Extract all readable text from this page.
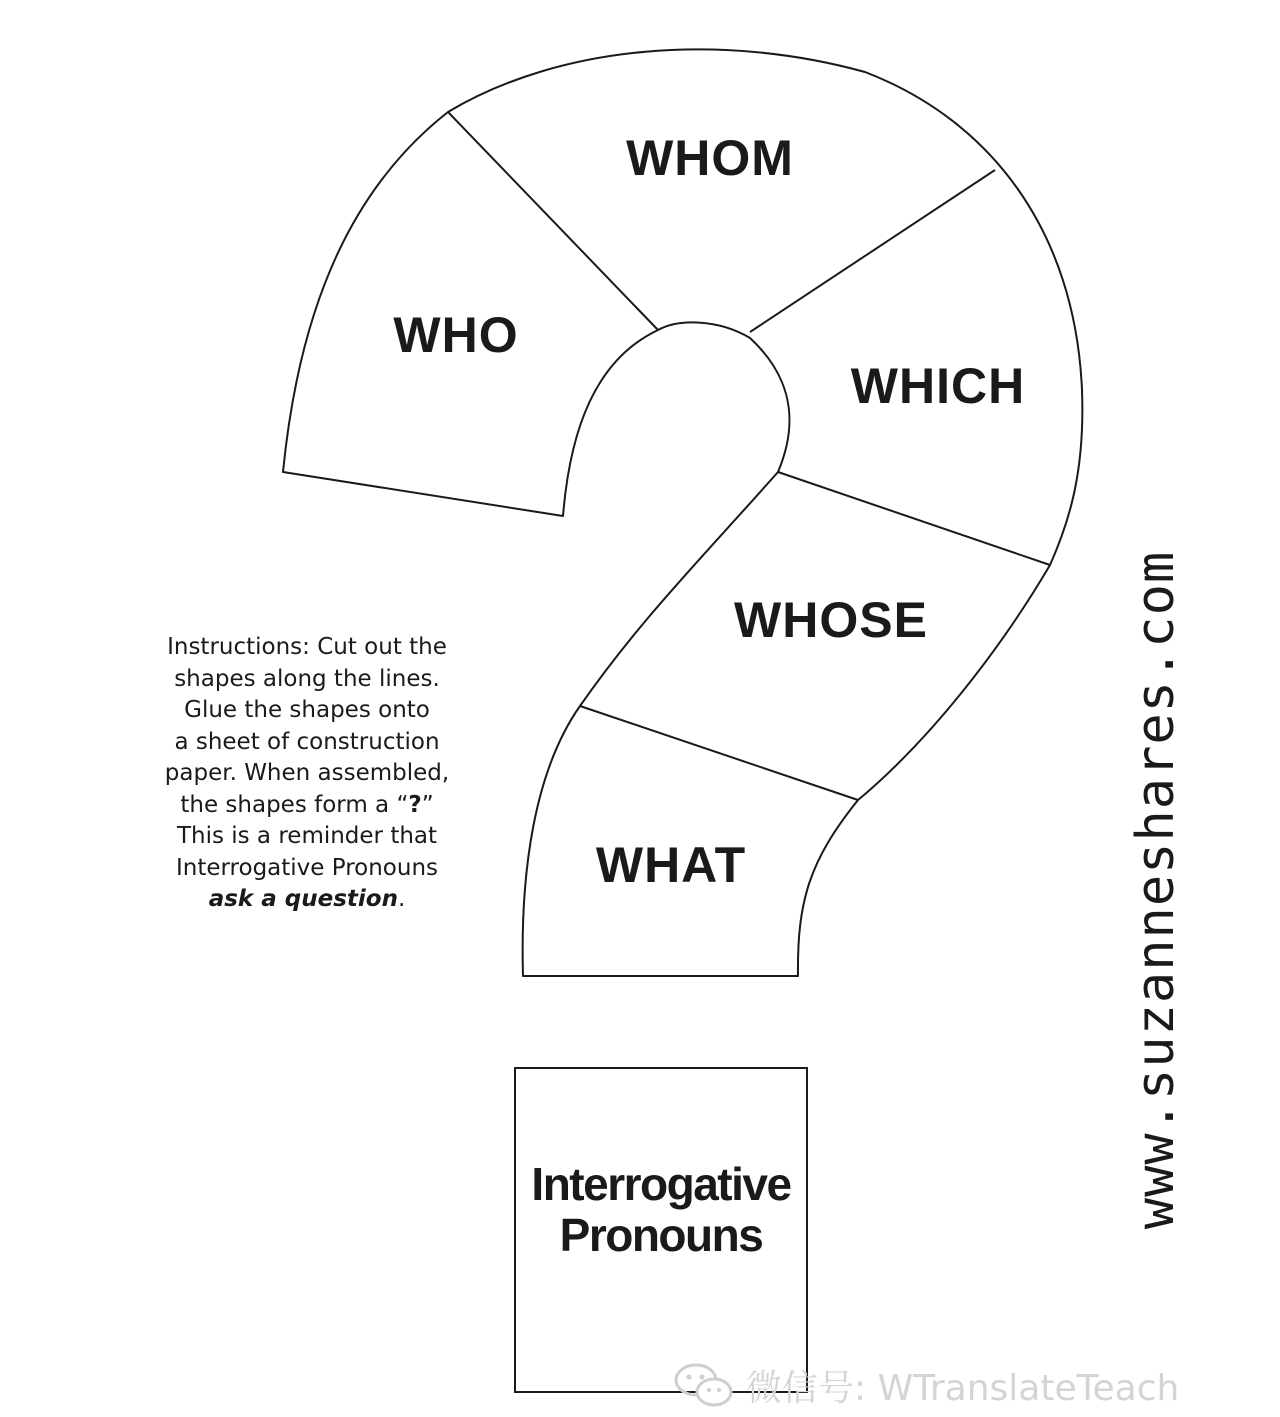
WHO
WHOM
WHICH
WHOSE
WHAT
Instructions: Cut out the
shapes along the lines.
Glue the shapes onto
a sheet of construction
paper. When assembled,
the shapes form a “?”
This is a reminder that
Interrogative Pronouns
ask a question.
Interrogative
Pronouns
www.suzanneshares.com
微信号: WTranslateTeach
